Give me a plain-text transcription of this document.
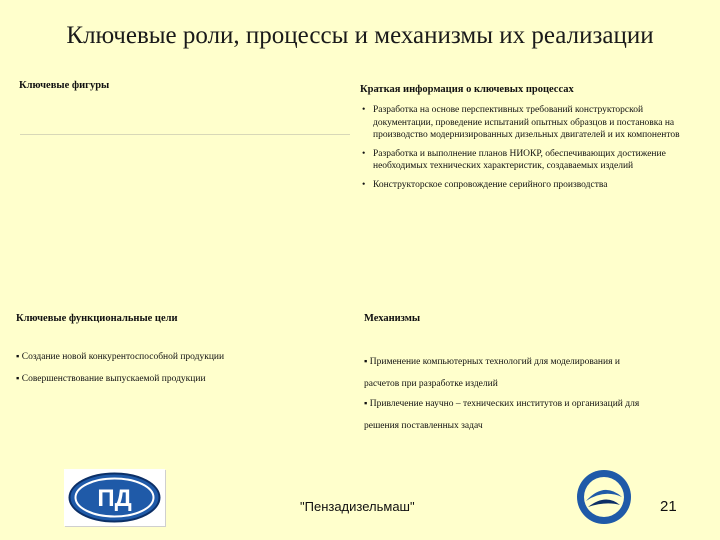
Ключевые роли, процессы и механизмы их реализации
Ключевые фигуры	Краткая информация о ключевых процессах
• Разработка на основе перспективных требований конструкторской документации, проведение испытаний опытных образцов и постановка на производство модернизированных дизельных двигателей и их компонентов
• Разработка и выполнение планов НИОКР, обеспечивающих достижение необходимых технических характеристик, создаваемых изделий
• Конструкторское сопровождение серийного производства
Ключевые функциональные цели
▪ Создание новой конкурентоспособной продукции
▪ Совершенствование выпускаемой продукции
Механизмы
▪ Применение компьютерных технологий для моделирования и расчетов при разработке изделий
▪ Привлечение научно – технических институтов и организаций для решения поставленных задач
ПД	"Пензадизельмаш"	21
